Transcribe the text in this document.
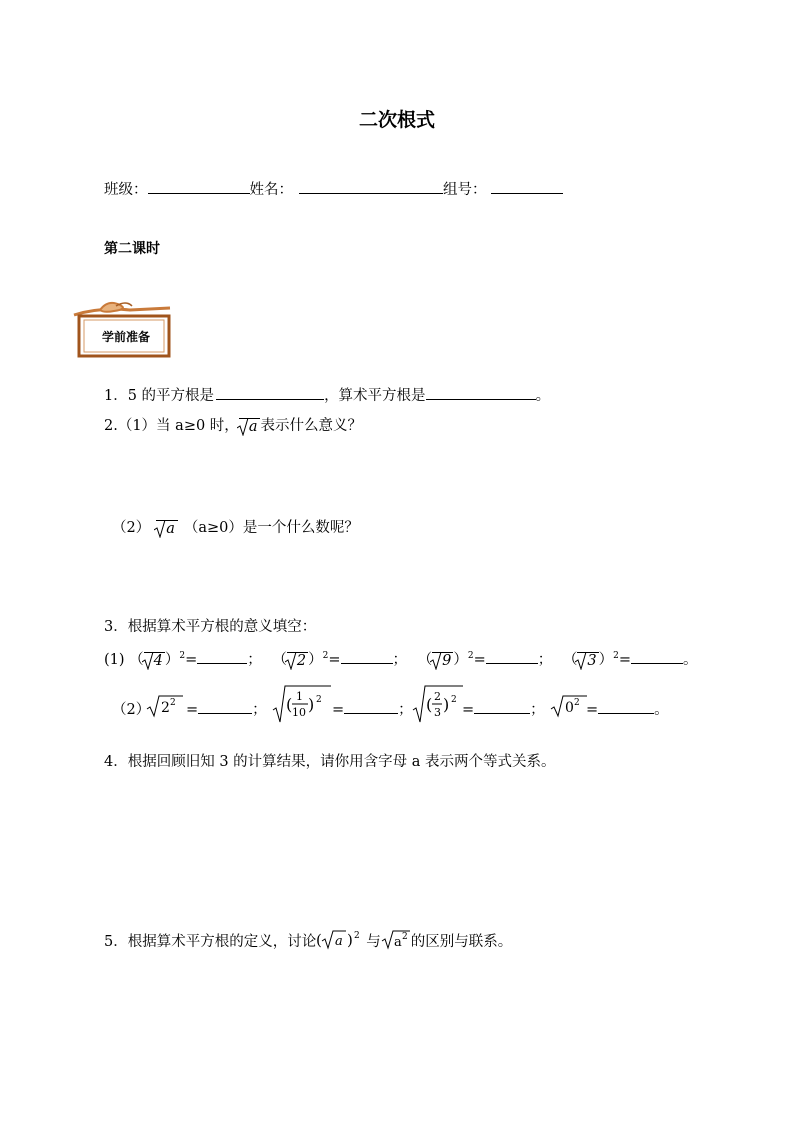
二次根式
班级：	姓名：	组号：
第二课时
学前准备
1．5 的平方根是	，算术平方根是	。
2.（1）当 a≥0 时， a 表示什么意义？
（2） a （a≥0）是一个什么数呢？
3．根据算术平方根的意义填空：
(1) （ 4 ）$^2$=	； （ 2 ）$^2$=	； （ 9 ）$^2$=	； （ 3 ）$^2$=	。
（2） 2 2 =	； ( 1
10 ) 2
=	； ( 2
3 ) 2
=	； 0 2 =	。
4．根据回顾旧知 3 的计算结果，请你用含字母 a 表示两个等式关系。
5．根据算术平方根的定义，讨论 ( a ) 2 与 a 2 的区别与联系。
